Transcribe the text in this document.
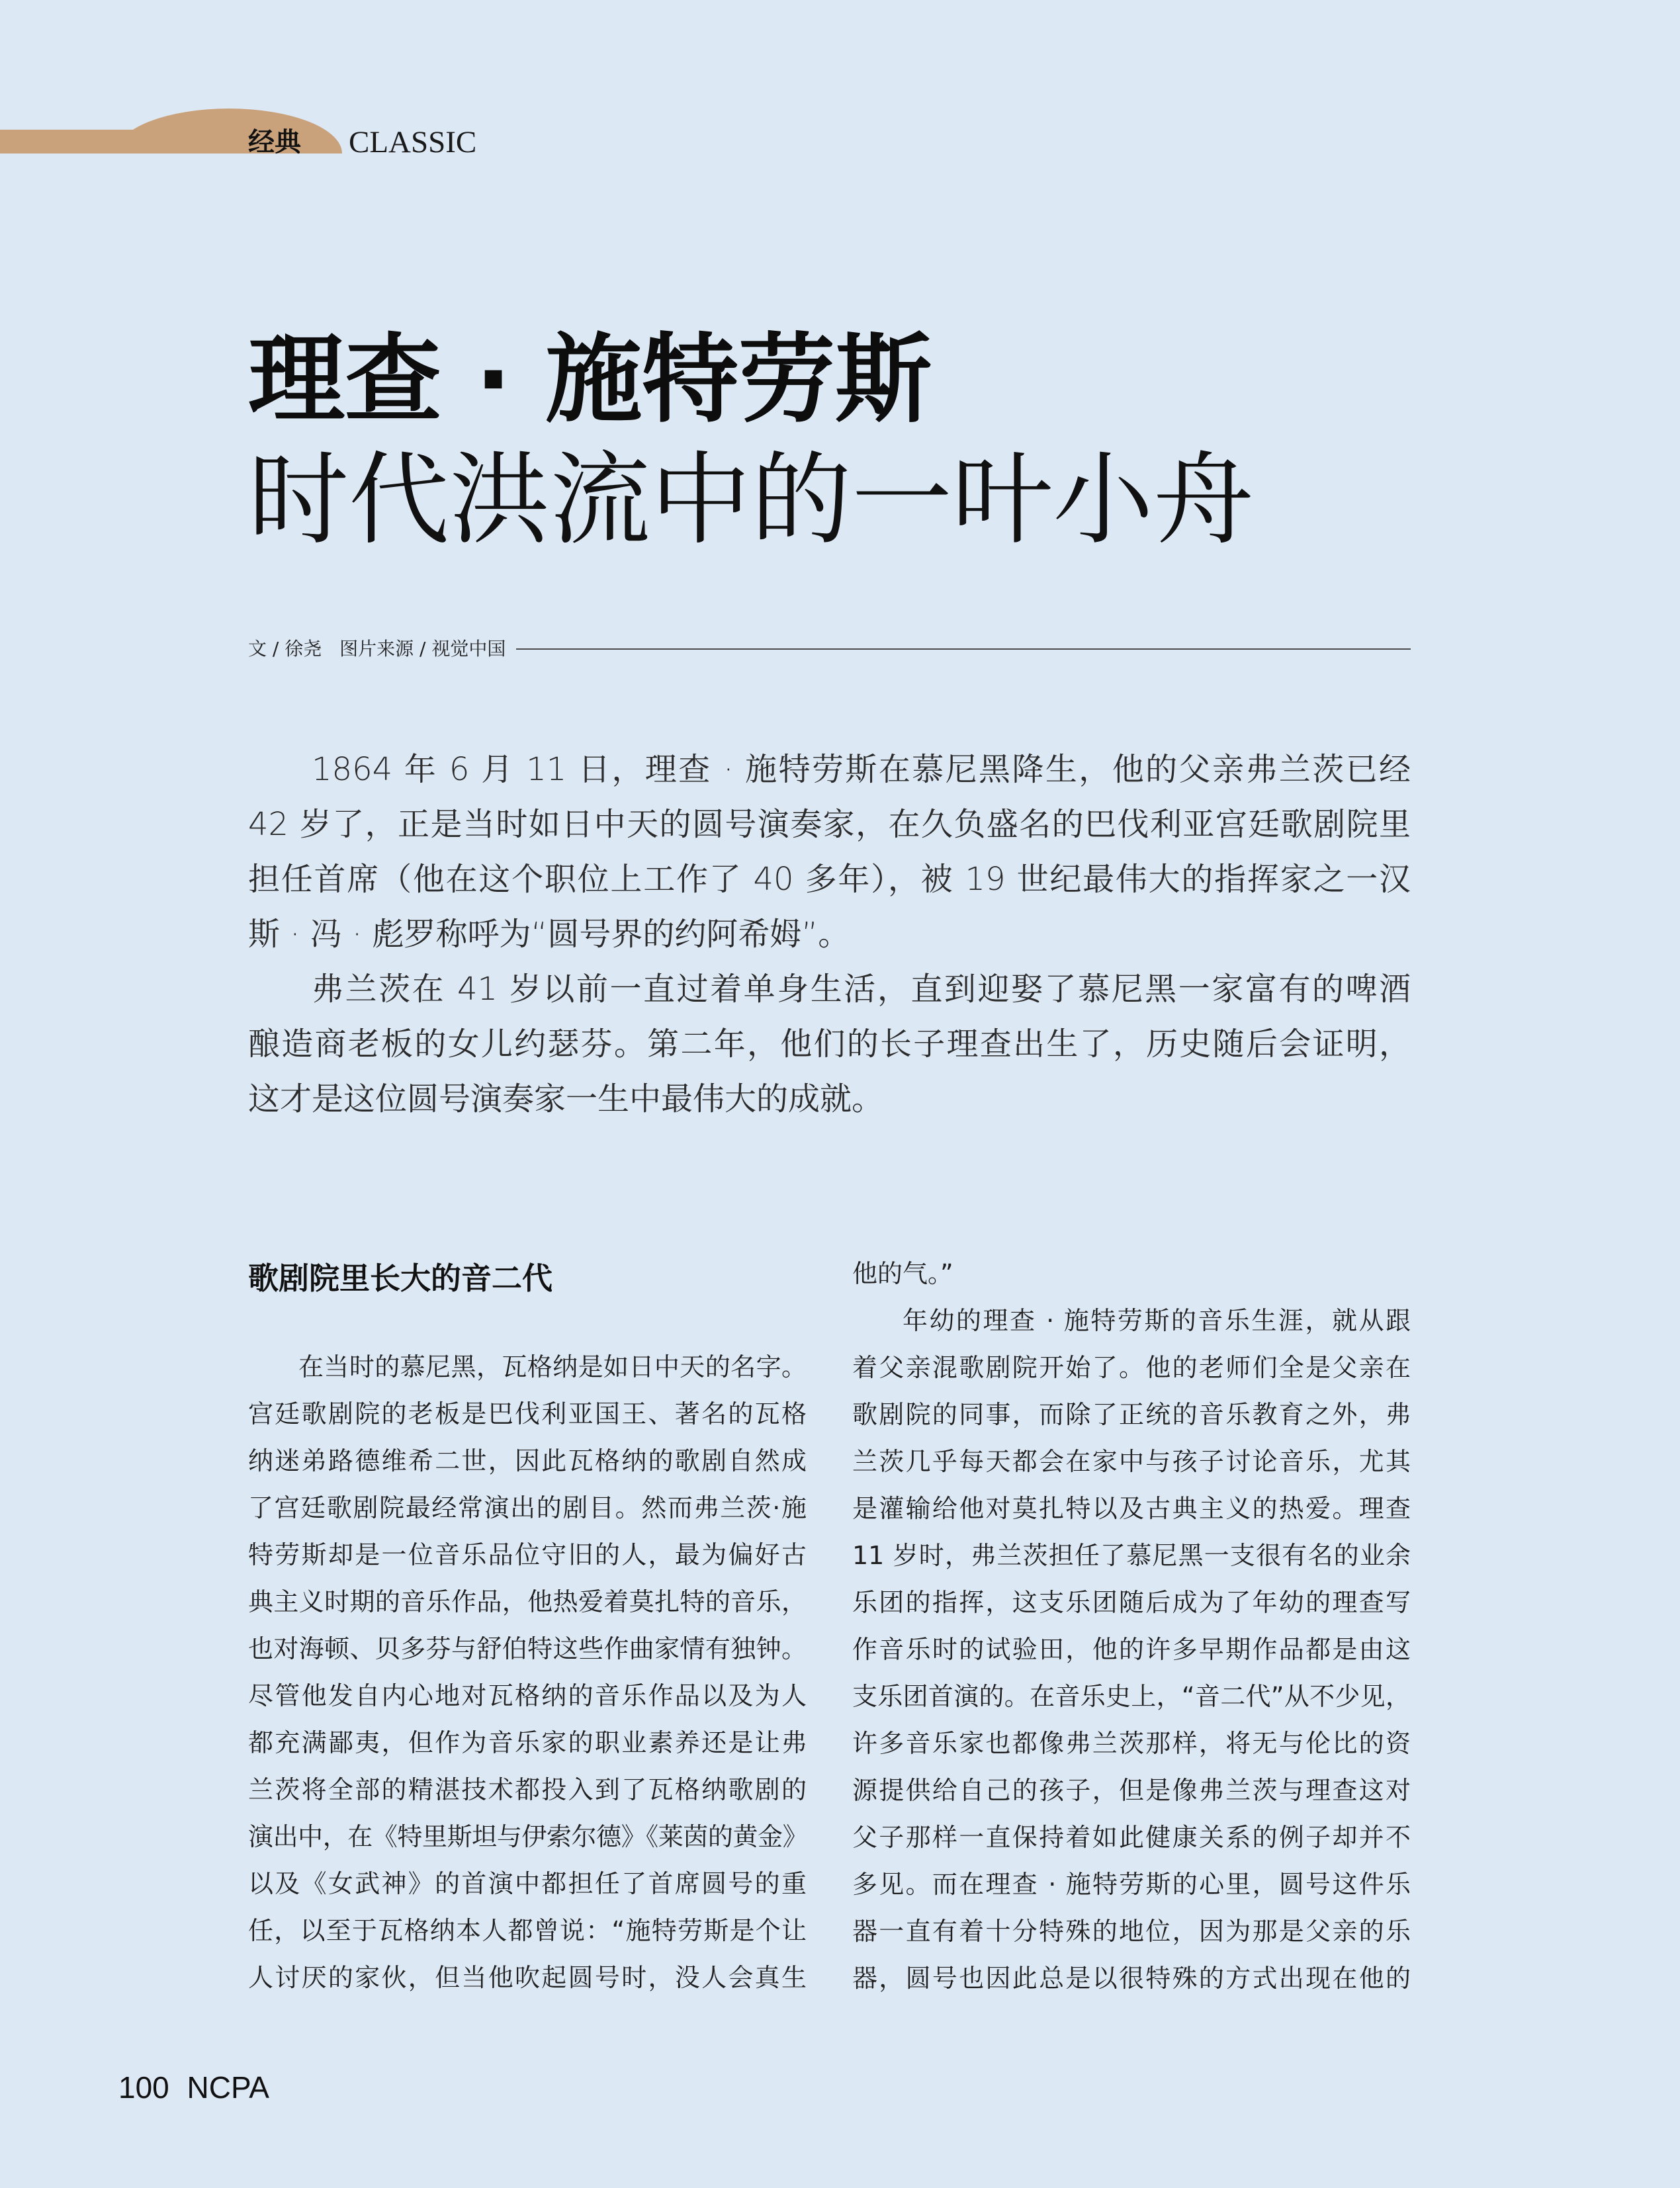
经典 CLASSIC
理查 · 施特劳斯
时代洪流中的一叶小舟
文 / 徐尧 图片来源 / 视觉中国
1864 年 6 月 11 日，理查 · 施特劳斯在慕尼黑降生，他的父亲弗兰茨已经
42 岁了，正是当时如日中天的圆号演奏家，在久负盛名的巴伐利亚宫廷歌剧院里
担任首席（他在这个职位上工作了 40 多年），被 19 世纪最伟大的指挥家之一汉
斯 · 冯 · 彪罗称呼为“圆号界的约阿希姆”。
弗兰茨在 41 岁以前一直过着单身生活，直到迎娶了慕尼黑一家富有的啤酒
酿造商老板的女儿约瑟芬。第二年，他们的长子理查出生了，历史随后会证明，
这才是这位圆号演奏家一生中最伟大的成就。
歌剧院里长大的音二代
在当时的慕尼黑，瓦格纳是如日中天的名字。
宫廷歌剧院的老板是巴伐利亚国王、著名的瓦格
纳迷弟路德维希二世，因此瓦格纳的歌剧自然成
了宫廷歌剧院最经常演出的剧目。然而弗兰茨·施
特劳斯却是一位音乐品位守旧的人，最为偏好古
典主义时期的音乐作品，他热爱着莫扎特的音乐，
也对海顿、贝多芬与舒伯特这些作曲家情有独钟。
尽管他发自内心地对瓦格纳的音乐作品以及为人
都充满鄙夷，但作为音乐家的职业素养还是让弗
兰茨将全部的精湛技术都投入到了瓦格纳歌剧的
演出中，在《特里斯坦与伊索尔德》《莱茵的黄金》
以及《女武神》的首演中都担任了首席圆号的重
任，以至于瓦格纳本人都曾说：“施特劳斯是个让
人讨厌的家伙，但当他吹起圆号时，没人会真生
他的气。”
年幼的理查 · 施特劳斯的音乐生涯，就从跟
着父亲混歌剧院开始了。他的老师们全是父亲在
歌剧院的同事，而除了正统的音乐教育之外，弗
兰茨几乎每天都会在家中与孩子讨论音乐，尤其
是灌输给他对莫扎特以及古典主义的热爱。理查
11 岁时，弗兰茨担任了慕尼黑一支很有名的业余
乐团的指挥，这支乐团随后成为了年幼的理查写
作音乐时的试验田，他的许多早期作品都是由这
支乐团首演的。在音乐史上，“音二代”从不少见，
许多音乐家也都像弗兰茨那样，将无与伦比的资
源提供给自己的孩子，但是像弗兰茨与理查这对
父子那样一直保持着如此健康关系的例子却并不
多见。而在理查 · 施特劳斯的心里，圆号这件乐
器一直有着十分特殊的地位，因为那是父亲的乐
器，圆号也因此总是以很特殊的方式出现在他的
100 NCPA
